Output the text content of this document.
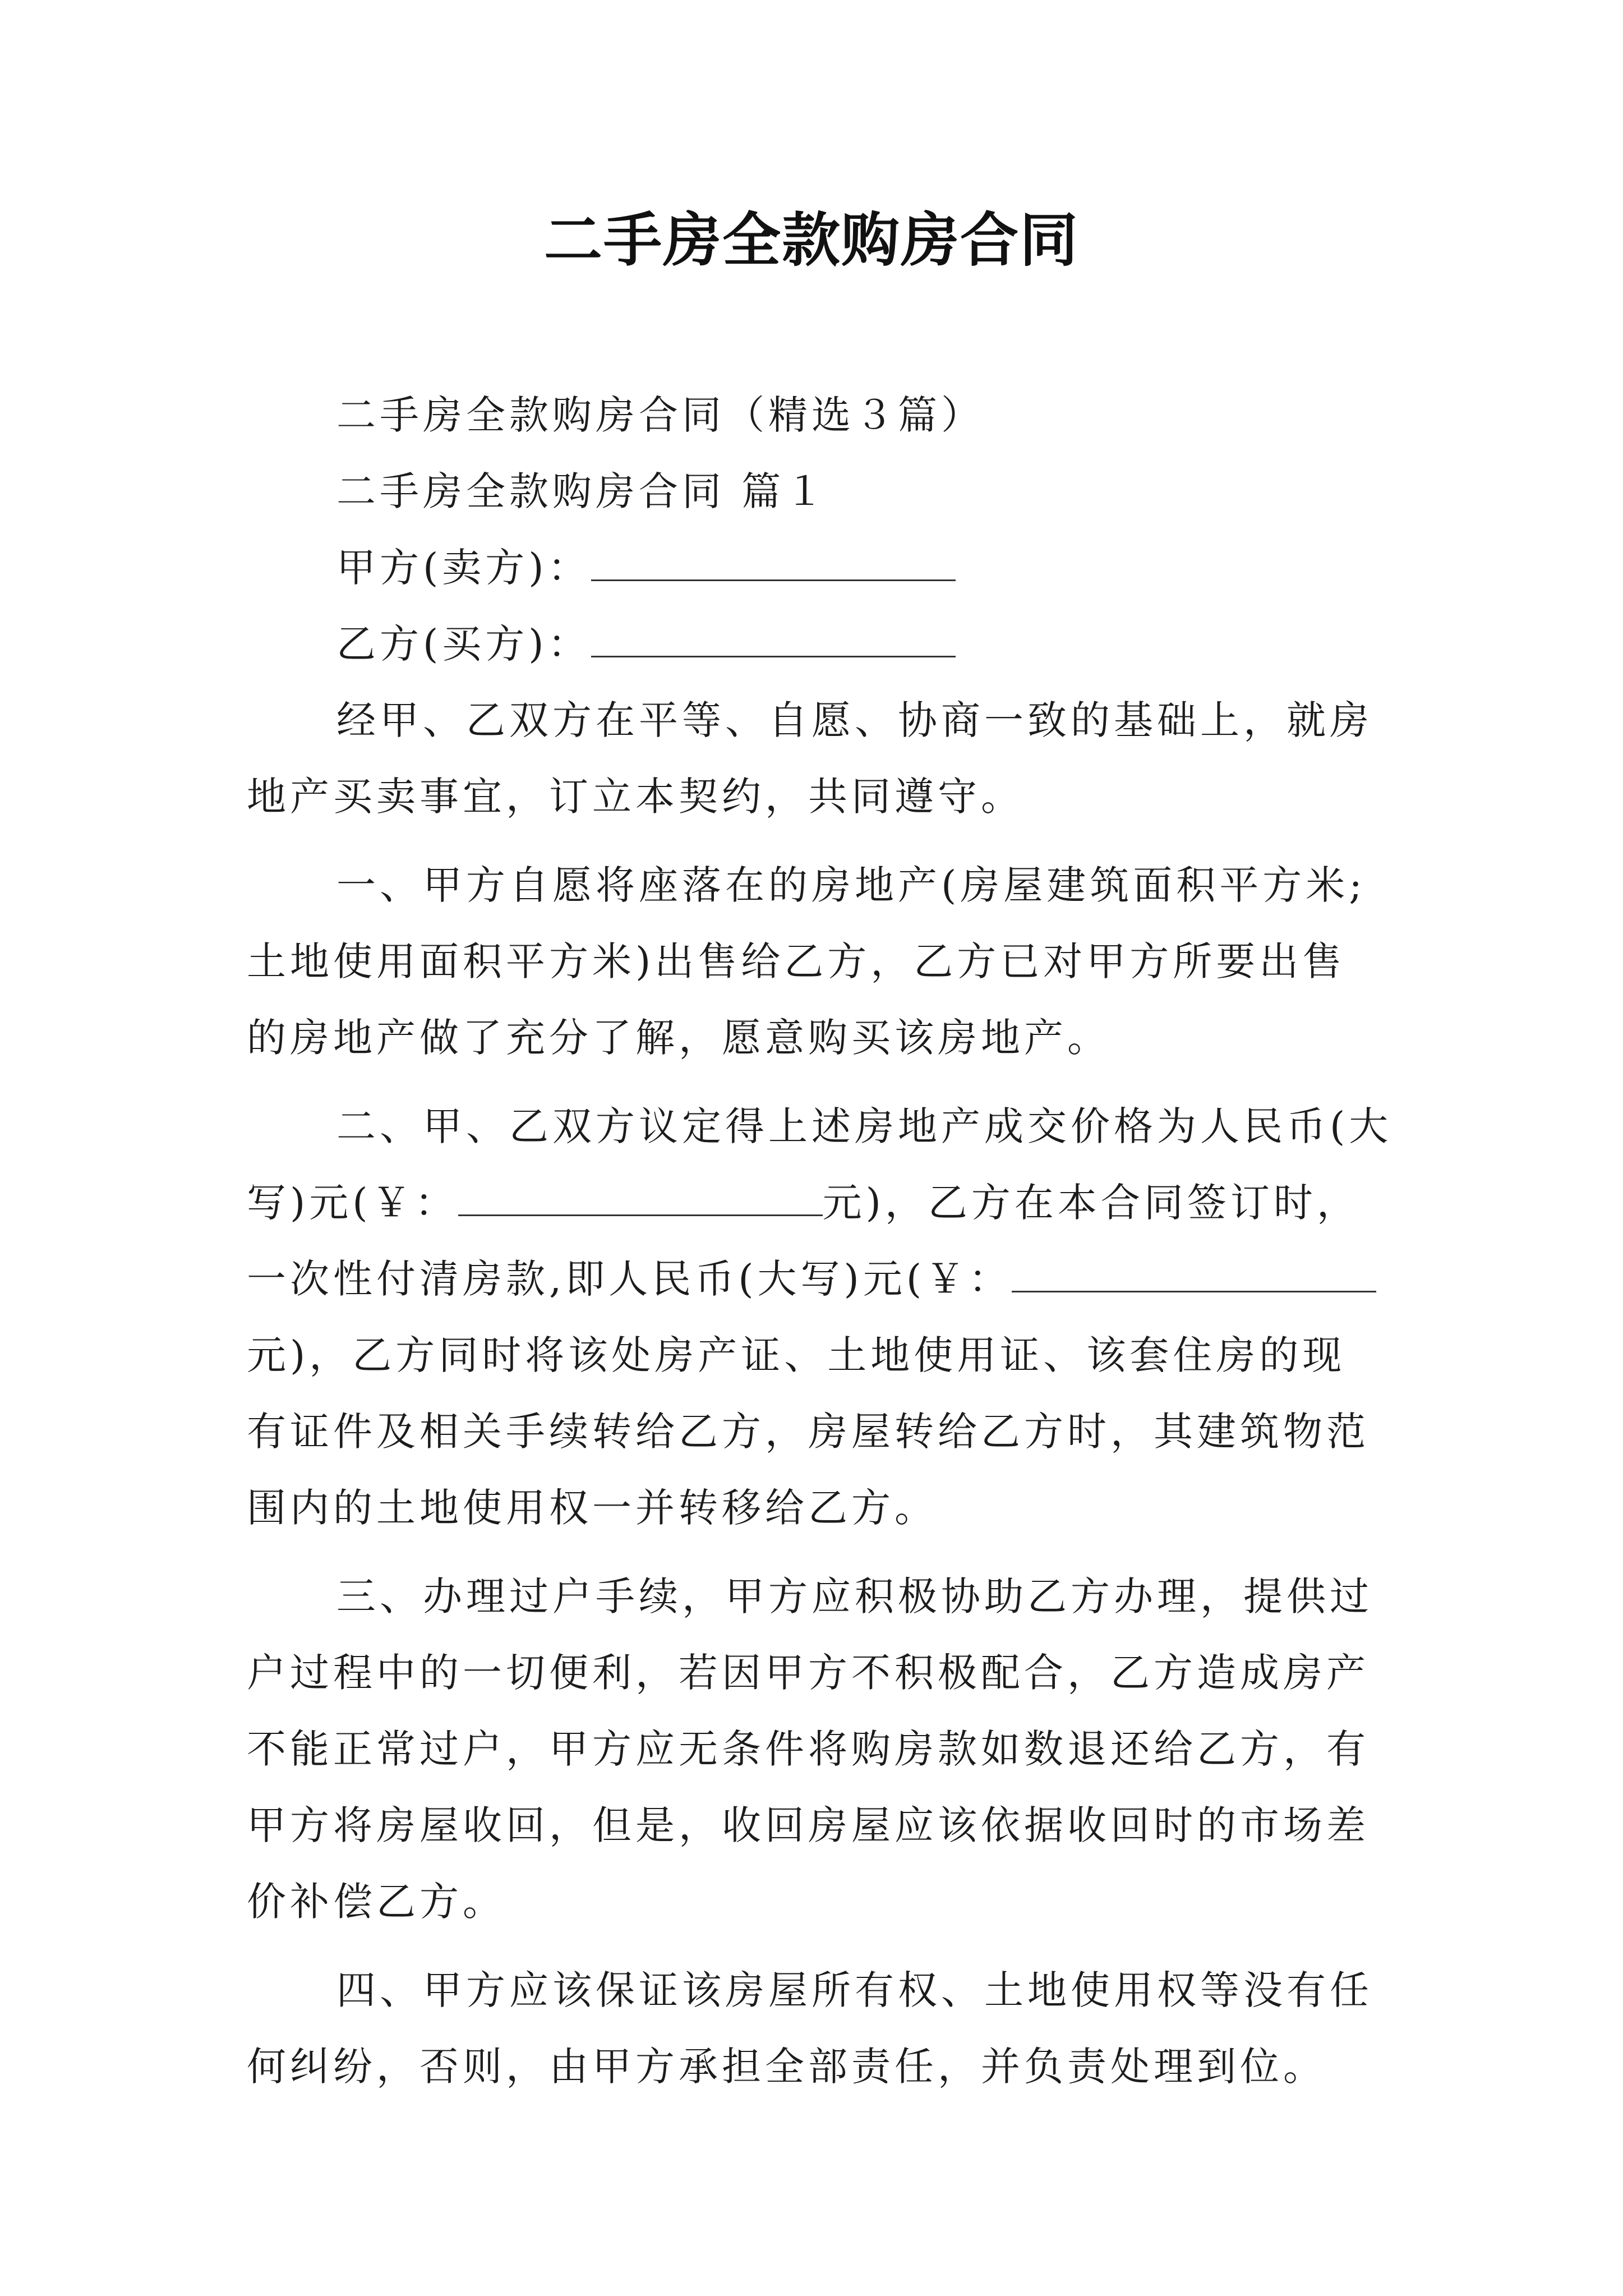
二手房全款购房合同
二手房全款购房合同（精选３篇）
二手房全款购房合同 篇１
甲方(卖方)：
乙方(买方)：
经甲、乙双方在平等、自愿、协商一致的基础上，就房
地产买卖事宜，订立本契约，共同遵守。
一、甲方自愿将座落在的房地产(房屋建筑面积平方米;
土地使用面积平方米)出售给乙方，乙方已对甲方所要出售
的房地产做了充分了解，愿意购买该房地产。
二、甲、乙双方议定得上述房地产成交价格为人民币(大
写)元(￥：	元)，乙方在本合同签订时，
一次性付清房款,即人民币(大写)元(￥：
元)，乙方同时将该处房产证、土地使用证、该套住房的现
有证件及相关手续转给乙方，房屋转给乙方时，其建筑物范
围内的土地使用权一并转移给乙方。
三、办理过户手续，甲方应积极协助乙方办理，提供过
户过程中的一切便利，若因甲方不积极配合，乙方造成房产
不能正常过户，甲方应无条件将购房款如数退还给乙方，有
甲方将房屋收回，但是，收回房屋应该依据收回时的市场差
价补偿乙方。
四、甲方应该保证该房屋所有权、土地使用权等没有任
何纠纷，否则，由甲方承担全部责任，并负责处理到位。
